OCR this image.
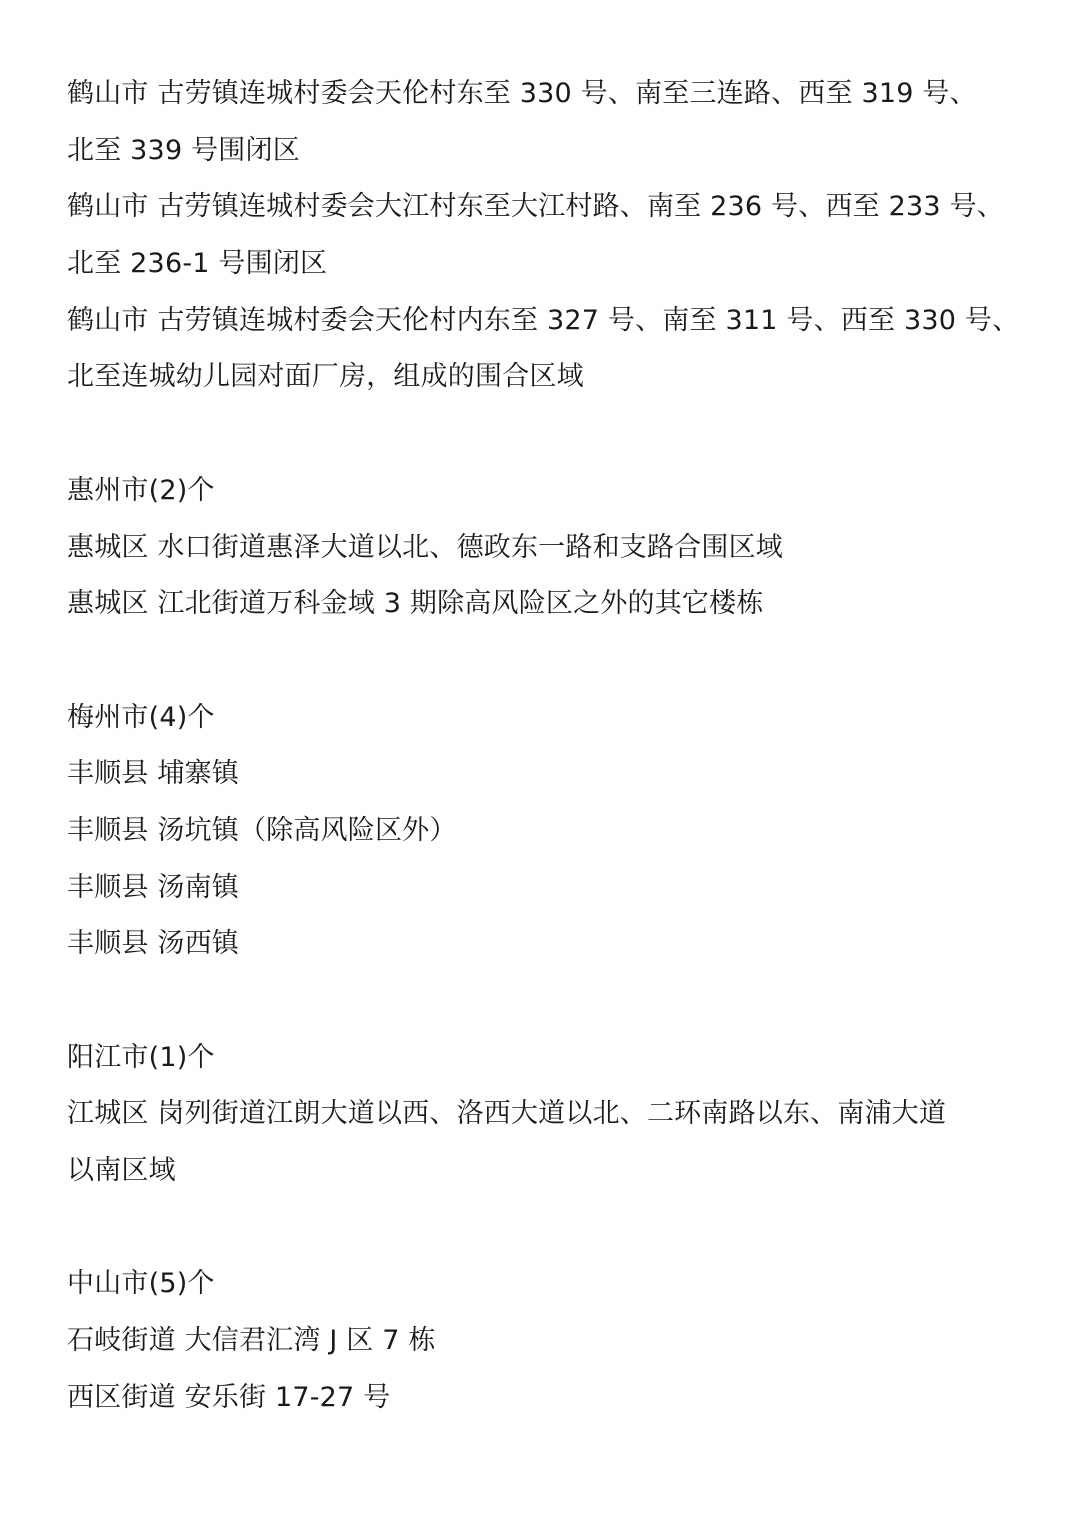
鹤山市 古劳镇连城村委会天伦村东至 330 号、南至三连路、西至 319 号、
北至 339 号围闭区
鹤山市 古劳镇连城村委会大江村东至大江村路、南至 236 号、西至 233 号、
北至 236-1 号围闭区
鹤山市 古劳镇连城村委会天伦村内东至 327 号、南至 311 号、西至 330 号、
北至连城幼儿园对面厂房，组成的围合区域
惠州市(2)个
惠城区 水口街道惠泽大道以北、德政东一路和支路合围区域
惠城区 江北街道万科金域 3 期除高风险区之外的其它楼栋
梅州市(4)个
丰顺县 埔寨镇
丰顺县 汤坑镇（除高风险区外）
丰顺县 汤南镇
丰顺县 汤西镇
阳江市(1)个
江城区 岗列街道江朗大道以西、洛西大道以北、二环南路以东、南浦大道
以南区域
中山市(5)个
石岐街道 大信君汇湾 J 区 7 栋
西区街道 安乐街 17-27 号
